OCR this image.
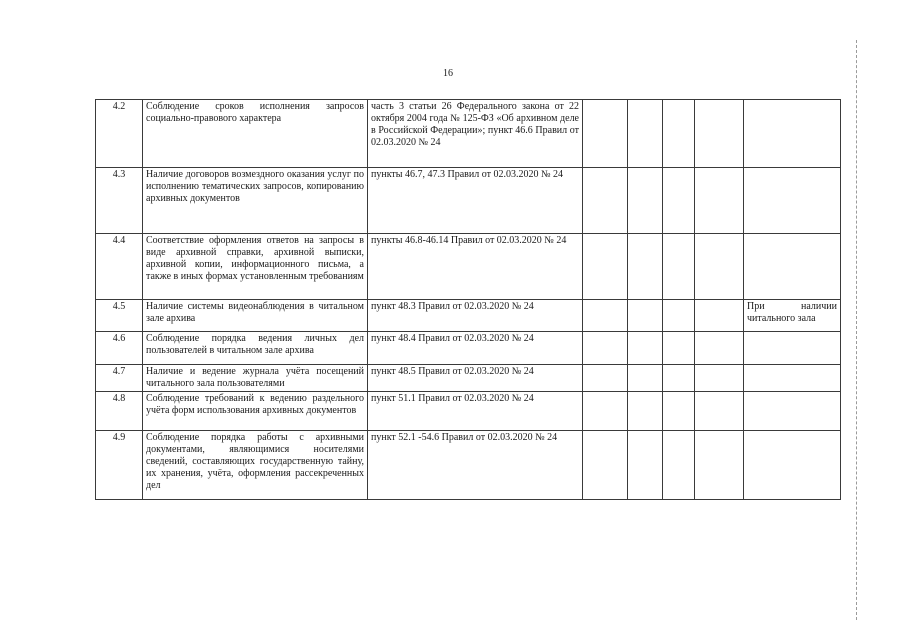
16
4.2	Соблюдение сроков исполнения запросов социально-правового характера	часть 3 статьи 26 Федерального закона от 22 октября 2004 года № 125-ФЗ «Об архивном деле в Российской Федерации»; пункт 46.6 Правил от 02.03.2020 № 24					
4.3	Наличие договоров возмездного оказания услуг по исполнению тематических запросов, копированию архивных документов	пункты 46.7, 47.3 Правил от 02.03.2020 № 24					
4.4	Соответствие оформления ответов на запросы в виде архивной справки, архивной выписки, архивной копии, информационного письма, а также в иных формах установленным требованиям	пункты 46.8-46.14 Правил от 02.03.2020 № 24					
4.5	Наличие системы видеонаблюдения в читальном зале архива	пункт 48.3 Правил от 02.03.2020 № 24					При наличии читального зала
4.6	Соблюдение порядка ведения личных дел пользователей в читальном зале архива	пункт 48.4 Правил от 02.03.2020 № 24					
4.7	Наличие и ведение журнала учёта посещений читального зала пользователями	пункт 48.5 Правил от 02.03.2020 № 24					
4.8	Соблюдение требований к ведению раздельного учёта форм использования архивных документов	пункт 51.1 Правил от 02.03.2020 № 24					
4.9	Соблюдение порядка работы с архивными документами, являющимися носителями сведений, составляющих государственную тайну, их хранения, учёта, оформления рассекреченных дел	пункт 52.1 -54.6 Правил от 02.03.2020 № 24					
